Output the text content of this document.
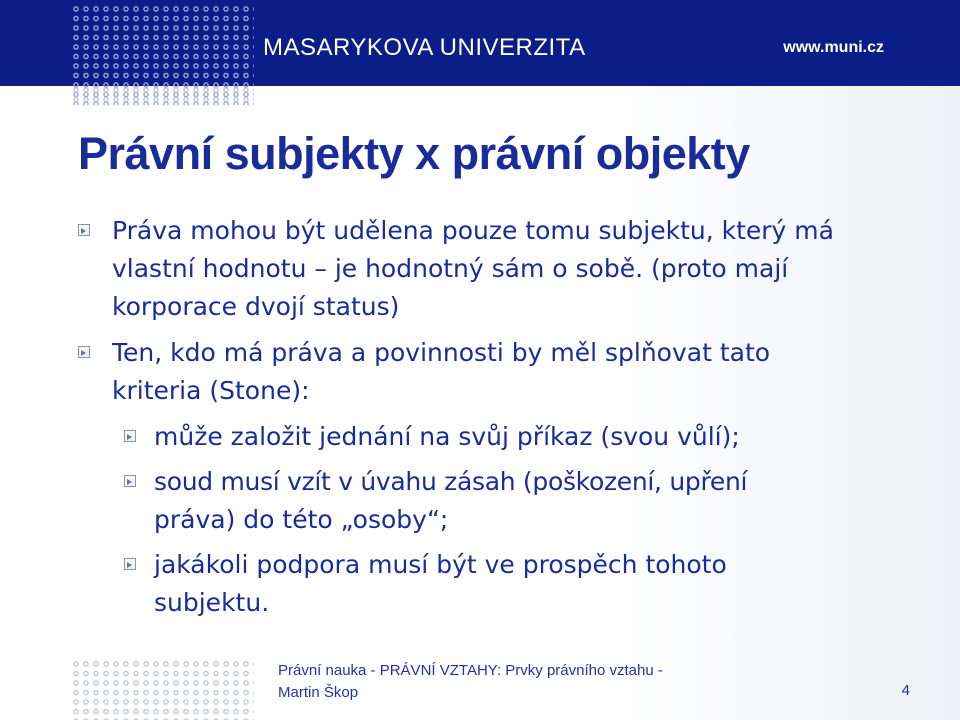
MASARYKOVA UNIVERZITA	www.muni.cz
Právní subjekty x právní objekty
Práva mohou být udělena pouze tomu subjektu, který má
vlastní hodnotu – je hodnotný sám o sobě. (proto mají
korporace dvojí status)
Ten, kdo má práva a povinnosti by měl splňovat tato
kriteria (Stone):
může založit jednání na svůj příkaz (svou vůlí);
soud musí vzít v úvahu zásah (poškození, upření
práva) do této „osoby“;
jakákoli podpora musí být ve prospěch tohoto
subjektu.
Právní nauka - PRÁVNÍ VZTAHY: Prvky právního vztahu -
Martin Škop	4
